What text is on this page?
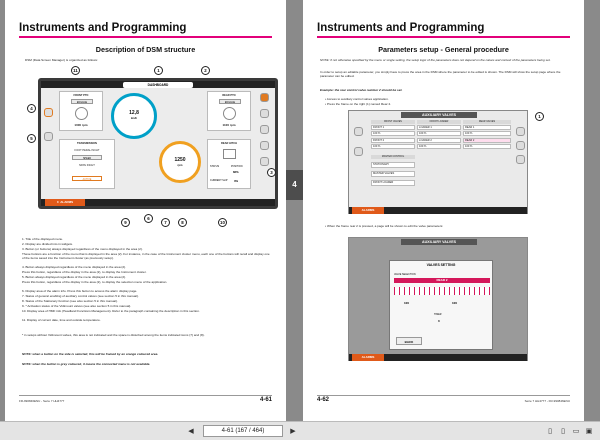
Instruments and Programming
Description of DSM structure
DSM (Data Screen Manager) is organized as follows:
DASHBOARD
FRONT PTO
ENGAGE
1000 rpm
12,8
km/h
1250
rpm
REAR PTO
ENGAGE
1100 rpm
TRANSMISSION
FOOT PEDAL INCHT
SPEED
NFPH INCHT
ACTIVE
REAR HITCH
STATUS	POSITION
82%
CURRENT SLIP 3%
0 ALARMS
1	2
3
4
5
6
7	8
9	10
11
1. Title of the displayed menu.
2. Display are divided into in widgets.
3. Button (or buttons) always displayed regardless of the menu displayed in the area (2).
These buttons are a function of the menu that is displayed in the area (2). For instance, in the case of the Instrument cluster menu, each one of the buttons will recall and display one of the items saved into the Instrument cluster (as previously setup).
4. Button always displayed regardless of the menu displayed in the area (2).
Press this button, regardless of the display in the area (2), to display the Instrument cluster.
5. Button always displayed regardless of the menu displayed in the area (2).
Press this button, regardless of the display in the area (2), to display the selection menu of the application.
6. Display area of the alarm info. Press this button to access the alarm display page.
7. Status of general enabling of auxiliary control valves (see section 5 in this manual).
8. Status of the Stationary function (see also section 5 in this manual).
9. * Activation status of the Vidimount valves (see also section 5 in this manual).
10. Display area of HMF info (Headland Functions Management). Refer to the paragraph containing the description in this section.
11. Display of current date, time and outside temperature.
* in setups without Vidimount valves, this area is not indicated and the space is disturbed among the items indicated icons (7) and (8).
NOTE: when a button on the side is selected, this will be framed by an orange coloured area.
NOTE: when the button is grey coloured, it means the connected menu is not available.
FR-990846ENU - Serie 7 HH4777	4-61
4
Instruments and Programming
Parameters setup - General procedure
NOTE: if not otherwise specified by the menu or single setting, the setup logic of the parameters does not depend on the nature and context of the parameters being set.
In order to setup an editable parameter, you simply have to press the area in the DSM where the parameter to be edited is shown. The DSM will show the setup page where the parameter can be edited.
Example: the rear control valve number 2 should be set.
• Access to auxiliary control valves application.
• Press the frame on the right (1) named Rear 2.
AUXILIARY VALVES
FRONT VALVES	FRONT LOADER	REAR VALVES
FRONT 1
100 %
FRONT 2
100 %
LOADER 1
100 %
LOADER 2
100 %
REAR 1
100 %
REAR 2
100 %
MASTER CONTROL
STATIONARY
MASTER VALVES
FRONT LOADER
ALARMS
1
• When the frame rear 2 is pressed, a page will be shown to edit the valve parameters:
AUXILIARY VALVES
VALVES SETTING
VALVE SELECTION
REAR 2
100	100
TIMER
0
BACK
ALARMS
4-62	Serie 7 HH4777 - FR-990846ENU
◀	4-61 (167 / 464)	▶	▯	▯	▭ ▣
